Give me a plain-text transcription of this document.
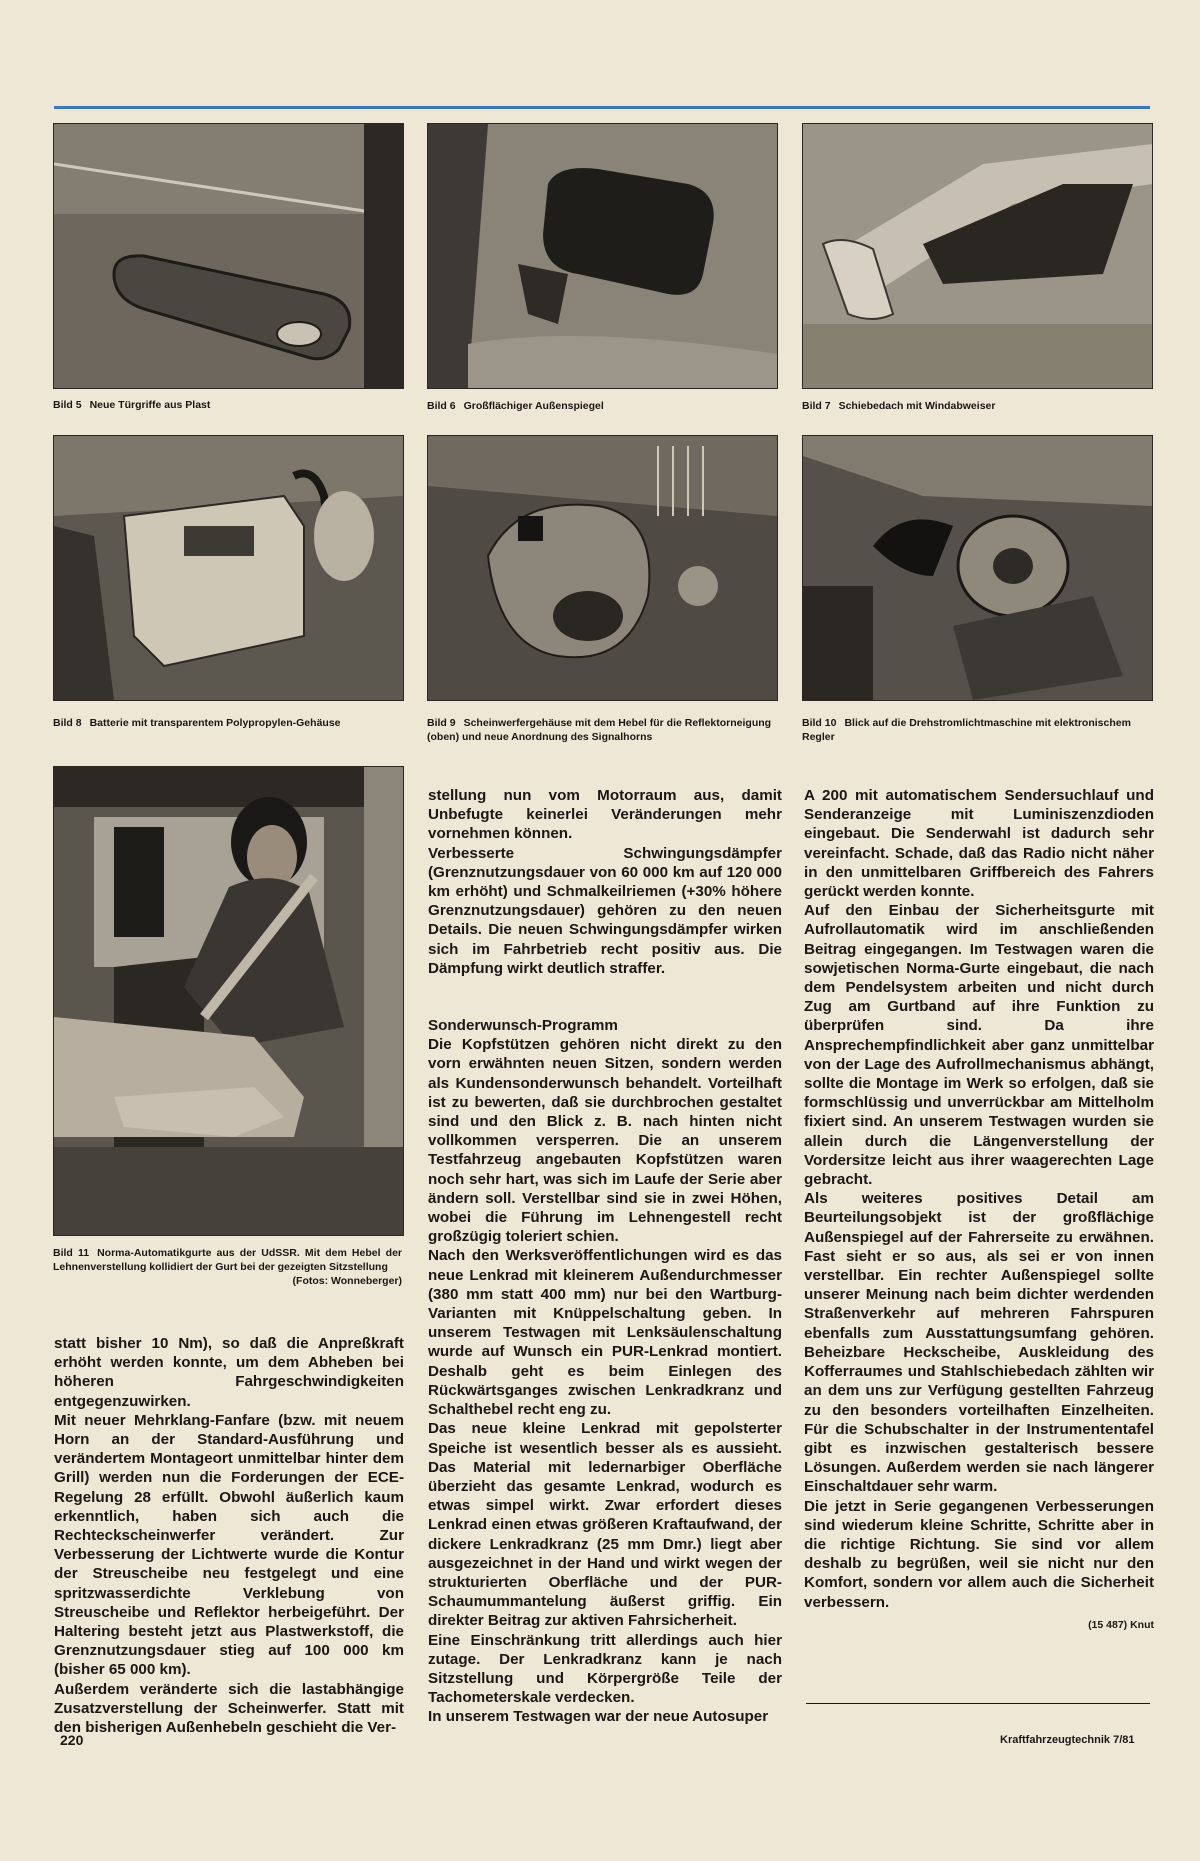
Bild 5 Neue Türgriffe aus Plast	Bild 6 Großflächiger Außenspiegel	Bild 7 Schiebedach mit Windabweiser
Bild 8 Batterie mit transparentem Polypropylen-Gehäuse	Bild 9 Scheinwerfergehäuse mit dem Hebel für die Reflektorneigung (oben) und neue Anordnung des Signalhorns
Bild 10 Blick auf die Drehstromlichtmaschine mit elektronischem Regler
Bild 11 Norma-Automatikgurte aus der UdSSR. Mit dem Hebel der Lehnenverstellung kollidiert der Gurt bei der gezeigten Sitzstellung
(Fotos: Wonneberger)

statt bisher 10 Nm), so daß die Anpreßkraft erhöht werden konnte, um dem Abheben bei höheren Fahrgeschwindigkeiten entgegenzuwirken.

Mit neuer Mehrklang-Fanfare (bzw. mit neuem Horn an der Standard-Ausführung und verändertem Montageort unmittelbar hinter dem Grill) werden nun die Forderungen der ECE-Regelung 28 erfüllt. Obwohl äußerlich kaum erkenntlich, haben sich auch die Rechteckscheinwerfer verändert. Zur Verbesserung der Lichtwerte wurde die Kontur der Streuscheibe neu festgelegt und eine spritzwasserdichte Verklebung von Streuscheibe und Reflektor herbeigeführt. Der Haltering besteht jetzt aus Plastwerkstoff, die Grenznutzungsdauer stieg auf 100 000 km (bisher 65 000 km).

Außerdem veränderte sich die lastabhängige Zusatzverstellung der Scheinwerfer. Statt mit den bisherigen Außenhebeln geschieht die Ver-

stellung nun vom Motorraum aus, damit Unbefugte keinerlei Veränderungen mehr vornehmen können.

Verbesserte Schwingungsdämpfer (Grenznutzungsdauer von 60 000 km auf 120 000 km erhöht) und Schmalkeilriemen (+30% höhere Grenznutzungsdauer) gehören zu den neuen Details. Die neuen Schwingungsdämpfer wirken sich im Fahrbetrieb recht positiv aus. Die Dämpfung wirkt deutlich straffer.

Sonderwunsch-Programm

Die Kopfstützen gehören nicht direkt zu den vorn erwähnten neuen Sitzen, sondern werden als Kundensonderwunsch behandelt. Vorteilhaft ist zu bewerten, daß sie durchbrochen gestaltet sind und den Blick z. B. nach hinten nicht vollkommen versperren. Die an unserem Testfahrzeug angebauten Kopfstützen waren noch sehr hart, was sich im Laufe der Serie aber ändern soll. Verstellbar sind sie in zwei Höhen, wobei die Führung im Lehnengestell recht großzügig toleriert schien.

Nach den Werksveröffentlichungen wird es das neue Lenkrad mit kleinerem Außendurchmesser (380 mm statt 400 mm) nur bei den Wartburg-Varianten mit Knüppelschaltung geben. In unserem Testwagen mit Lenksäulenschaltung wurde auf Wunsch ein PUR-Lenkrad montiert. Deshalb geht es beim Einlegen des Rückwärtsganges zwischen Lenkradkranz und Schalthebel recht eng zu.

Das neue kleine Lenkrad mit gepolsterter Speiche ist wesentlich besser als es aussieht. Das Material mit ledernarbiger Oberfläche überzieht das gesamte Lenkrad, wodurch es etwas simpel wirkt. Zwar erfordert dieses Lenkrad einen etwas größeren Kraftaufwand, der dickere Lenkradkranz (25 mm Dmr.) liegt aber ausgezeichnet in der Hand und wirkt wegen der strukturierten Oberfläche und der PUR-Schaumummantelung äußerst griffig. Ein direkter Beitrag zur aktiven Fahrsicherheit.

Eine Einschränkung tritt allerdings auch hier zutage. Der Lenkradkranz kann je nach Sitzstellung und Körpergröße Teile der Tachometerskale verdecken.

In unserem Testwagen war der neue Autosuper

A 200 mit automatischem Sendersuchlauf und Senderanzeige mit Luminiszenzdioden eingebaut. Die Senderwahl ist dadurch sehr vereinfacht. Schade, daß das Radio nicht näher in den unmittelbaren Griffbereich des Fahrers gerückt werden konnte.

Auf den Einbau der Sicherheitsgurte mit Aufrollautomatik wird im anschließenden Beitrag eingegangen. Im Testwagen waren die sowjetischen Norma-Gurte eingebaut, die nach dem Pendelsystem arbeiten und nicht durch Zug am Gurtband auf ihre Funktion zu überprüfen sind. Da ihre Ansprechempfindlichkeit aber ganz unmittelbar von der Lage des Aufrollmechanismus abhängt, sollte die Montage im Werk so erfolgen, daß sie formschlüssig und unverrückbar am Mittelholm fixiert sind. An unserem Testwagen wurden sie allein durch die Längenverstellung der Vordersitze leicht aus ihrer waagerechten Lage gebracht.

Als weiteres positives Detail am Beurteilungsobjekt ist der großflächige Außenspiegel auf der Fahrerseite zu erwähnen. Fast sieht er so aus, als sei er von innen verstellbar. Ein rechter Außenspiegel sollte unserer Meinung nach beim dichter werdenden Straßenverkehr auf mehreren Fahrspuren ebenfalls zum Ausstattungsumfang gehören. Beheizbare Heckscheibe, Auskleidung des Kofferraumes und Stahlschiebedach zählten wir an dem uns zur Verfügung gestellten Fahrzeug zu den besonders vorteilhaften Einzelheiten. Für die Schubschalter in der Instrumententafel gibt es inzwischen gestalterisch bessere Lösungen. Außerdem werden sie nach längerer Einschaltdauer sehr warm.

Die jetzt in Serie gegangenen Verbesserungen sind wiederum kleine Schritte, Schritte aber in die richtige Richtung. Sie sind vor allem deshalb zu begrüßen, weil sie nicht nur den Komfort, sondern vor allem auch die Sicherheit verbessern.

(15 487) Knut
220	Kraftfahrzeugtechnik 7/81
